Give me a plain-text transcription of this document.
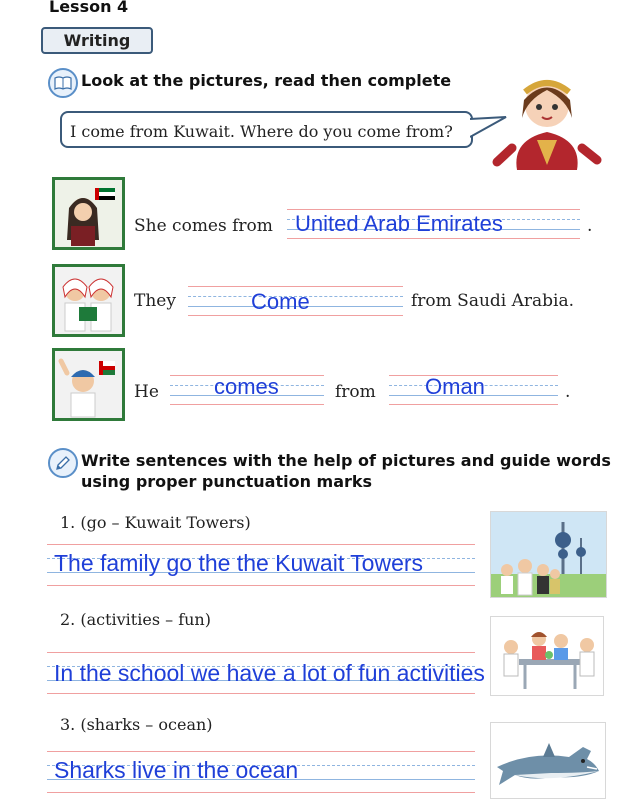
Lesson 4
Writing
Look at the pictures, read then complete
I come from Kuwait. Where do you come from?
She comes from United Arab Emirates	.
They	Come	from Saudi Arabia.
He	comes	from Oman	.
Write sentences with the help of pictures and guide words
using proper punctuation marks
1. (go – Kuwait Towers)
The family go the the Kuwait Towers
2. (activities – fun)
In the school we have a lot of fun activities
3. (sharks – ocean)
Sharks live in the ocean
